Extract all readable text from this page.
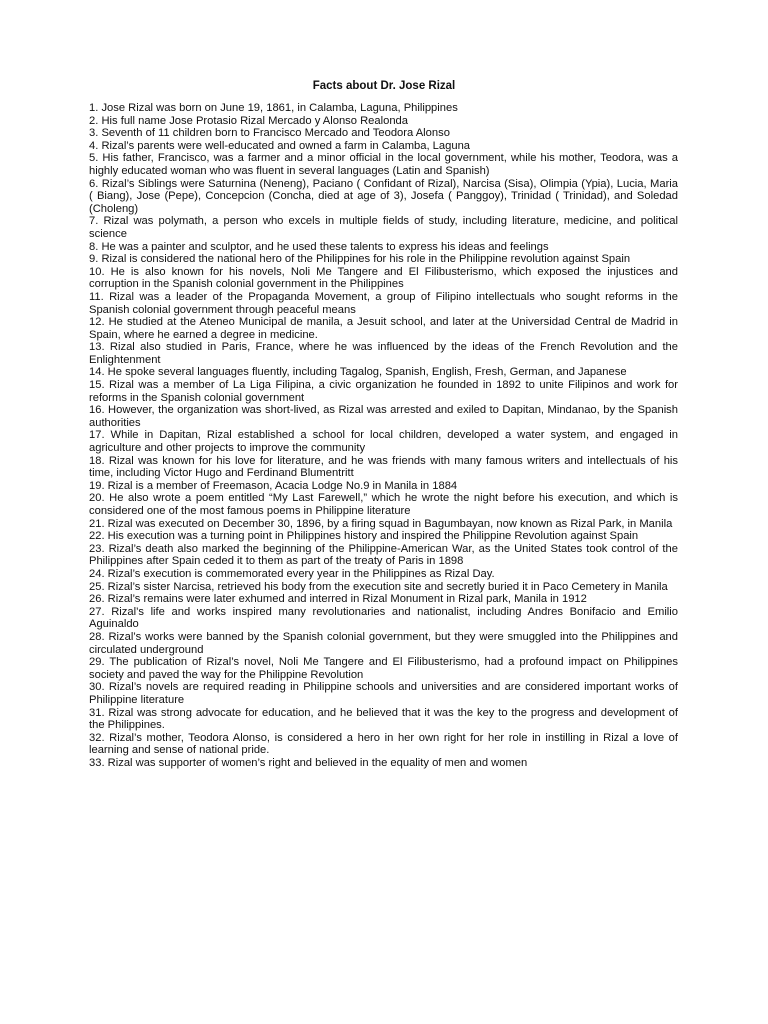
Facts about Dr. Jose Rizal
1. Jose Rizal was born on June 19, 1861, in Calamba, Laguna, Philippines
2. His full name Jose Protasio Rizal Mercado y Alonso Realonda
3. Seventh of 11 children born to Francisco Mercado and Teodora Alonso
4. Rizal’s parents were well-educated and owned a farm in Calamba, Laguna
5. His father, Francisco, was a farmer and a minor official in the local government, while his mother, Teodora, was a highly educated woman who was fluent in several languages (Latin and Spanish)
6. Rizal’s Siblings were Saturnina (Neneng), Paciano ( Confidant of Rizal), Narcisa (Sisa), Olimpia (Ypia), Lucia, Maria ( Biang), Jose (Pepe), Concepcion (Concha, died at age of 3), Josefa ( Panggoy), Trinidad ( Trinidad), and Soledad (Choleng)
7. Rizal was polymath, a person who excels in multiple fields of study, including literature, medicine, and political science
8. He was a painter and sculptor, and he used these talents to express his ideas and feelings
9. Rizal is considered the national hero of the Philippines for his role in the Philippine revolution against Spain
10. He is also known for his novels, Noli Me Tangere and El Filibusterismo, which exposed the injustices and corruption in the Spanish colonial government in the Philippines
11. Rizal was a leader of the Propaganda Movement, a group of Filipino intellectuals who sought reforms in the Spanish colonial government through peaceful means
12. He studied at the Ateneo Municipal de manila, a Jesuit school, and later at the Universidad Central de Madrid in Spain, where he earned a degree in medicine.
13. Rizal also studied in Paris, France, where he was influenced by the ideas of the French Revolution and the Enlightenment
14. He spoke several languages fluently, including Tagalog, Spanish, English, Fresh, German, and Japanese
15. Rizal was a member of La Liga Filipina, a civic organization he founded in 1892 to unite Filipinos and work for reforms in the Spanish colonial government
16. However, the organization was short-lived, as Rizal was arrested and exiled to Dapitan, Mindanao, by the Spanish authorities
17. While in Dapitan, Rizal established a school for local children, developed a water system, and engaged in agriculture and other projects to improve the community
18. Rizal was known for his love for literature, and he was friends with many famous writers and intellectuals of his time, including Victor Hugo and Ferdinand Blumentritt
19. Rizal is a member of Freemason, Acacia Lodge No.9 in Manila in 1884
20. He also wrote a poem entitled “My Last Farewell,” which he wrote the night before his execution, and which is considered one of the most famous poems in Philippine literature
21. Rizal was executed on December 30, 1896, by a firing squad in Bagumbayan, now known as Rizal Park, in Manila
22. His execution was a turning point in Philippines history and inspired the Philippine Revolution against Spain
23. Rizal’s death also marked the beginning of the Philippine-American War, as the United States took control of the Philippines after Spain ceded it to them as part of the treaty of Paris in 1898
24. Rizal’s execution is commemorated every year in the Philippines as Rizal Day.
25. Rizal’s sister Narcisa, retrieved his body from the execution site and secretly buried it in Paco Cemetery in Manila
26. Rizal’s remains were later exhumed and interred in Rizal Monument in Rizal park, Manila in 1912
27. Rizal’s life and works inspired many revolutionaries and nationalist, including Andres Bonifacio and Emilio Aguinaldo
28. Rizal’s works were banned by the Spanish colonial government, but they were smuggled into the Philippines and circulated underground
29. The publication of Rizal’s novel, Noli Me Tangere and El Filibusterismo, had a profound impact on Philippines society and paved the way for the Philippine Revolution
30. Rizal’s novels are required reading in Philippine schools and universities and are considered important works of Philippine literature
31. Rizal was strong advocate for education, and he believed that it was the key to the progress and development of the Philippines.
32. Rizal’s mother, Teodora Alonso, is considered a hero in her own right for her role in instilling in Rizal a love of learning and sense of national pride.
33. Rizal was supporter of women’s right and believed in the equality of men and women
